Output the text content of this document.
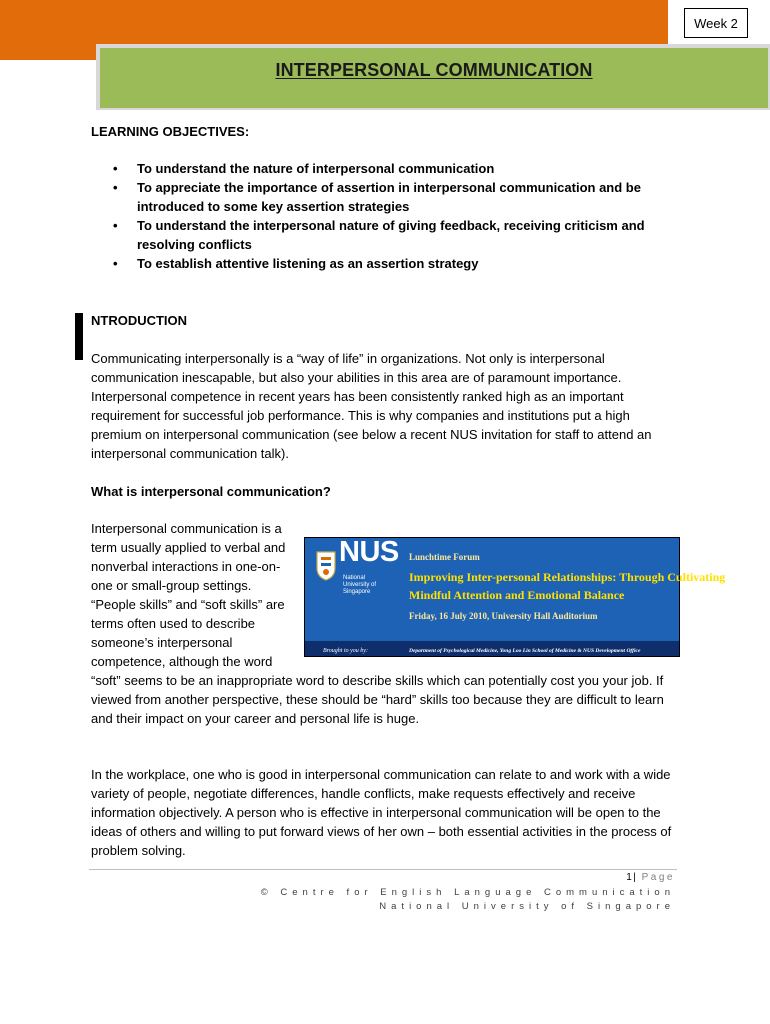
Week 2
INTERPERSONAL COMMUNICATION
LEARNING OBJECTIVES:
• To understand the nature of interpersonal communication
• To appreciate the importance of assertion in interpersonal communication and be introduced to some key assertion strategies
• To understand the interpersonal nature of giving feedback, receiving criticism and resolving conflicts
• To establish attentive listening as an assertion strategy
NTRODUCTION

Communicating interpersonally is a “way of life” in organizations. Not only is interpersonal communication inescapable, but also your abilities in this area are of paramount importance. Interpersonal competence in recent years has been consistently ranked high as an important requirement for successful job performance. This is why companies and institutions put a high premium on interpersonal communication (see below a recent NUS invitation for staff to attend an interpersonal communication talk).

What is interpersonal communication?
NUS
National University of Singapore
Lunchtime Forum
Improving Inter-personal Relationships: Through Cultivating
Mindful Attention and Emotional Balance
Friday, 16 July 2010, University Hall Auditorium
Brought to you by:	Department of Psychological Medicine, Yong Loo Lin School of Medicine & NUS Development Office
Interpersonal communication is a term usually applied to verbal and nonverbal interactions in one-on-one or small-group settings. “People skills” and “soft skills” are terms often used to describe someone’s interpersonal competence, although the word “soft” seems to be an inappropriate word to describe skills which can potentially cost you your job. If viewed from another perspective, these should be “hard” skills too because they are difficult to learn and their impact on your career and personal life is huge.

In the workplace, one who is good in interpersonal communication can relate to and work with a wide variety of people, negotiate differences, handle conflicts, make requests effectively and receive information objectively. A person who is effective in interpersonal communication will be open to the ideas of others and willing to put forward views of her own – both essential activities in the process of problem solving.

1| Page
© Centre for English Language Communication
National University of Singapore
